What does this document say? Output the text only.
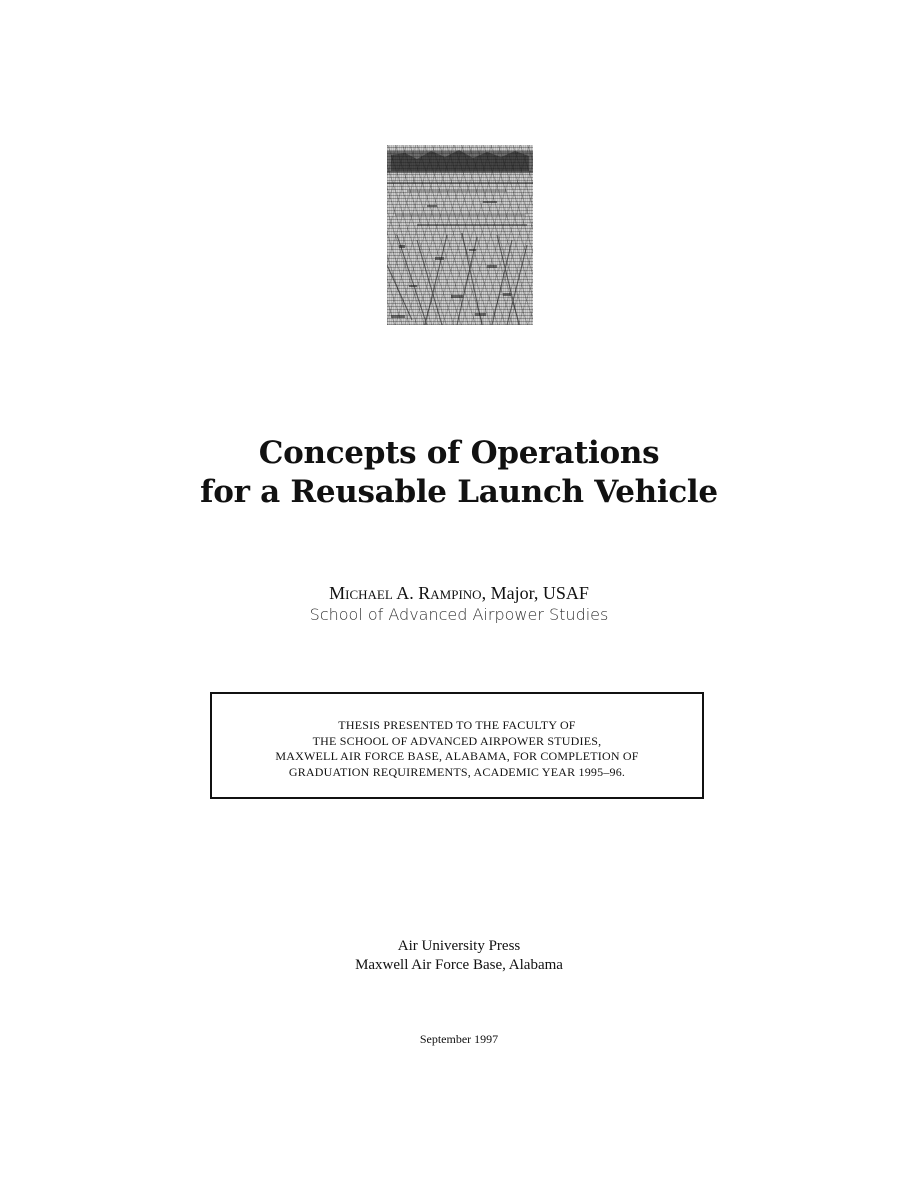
Concepts of Operations
for a Reusable Launch Vehicle
Michael A. Rampino, Major, USAF
School of Advanced Airpower Studies
THESIS PRESENTED TO THE FACULTY OF
THE SCHOOL OF ADVANCED AIRPOWER STUDIES,
MAXWELL AIR FORCE BASE, ALABAMA, FOR COMPLETION OF
GRADUATION REQUIREMENTS, ACADEMIC YEAR 1995–96.
Air University Press
Maxwell Air Force Base, Alabama
September 1997
